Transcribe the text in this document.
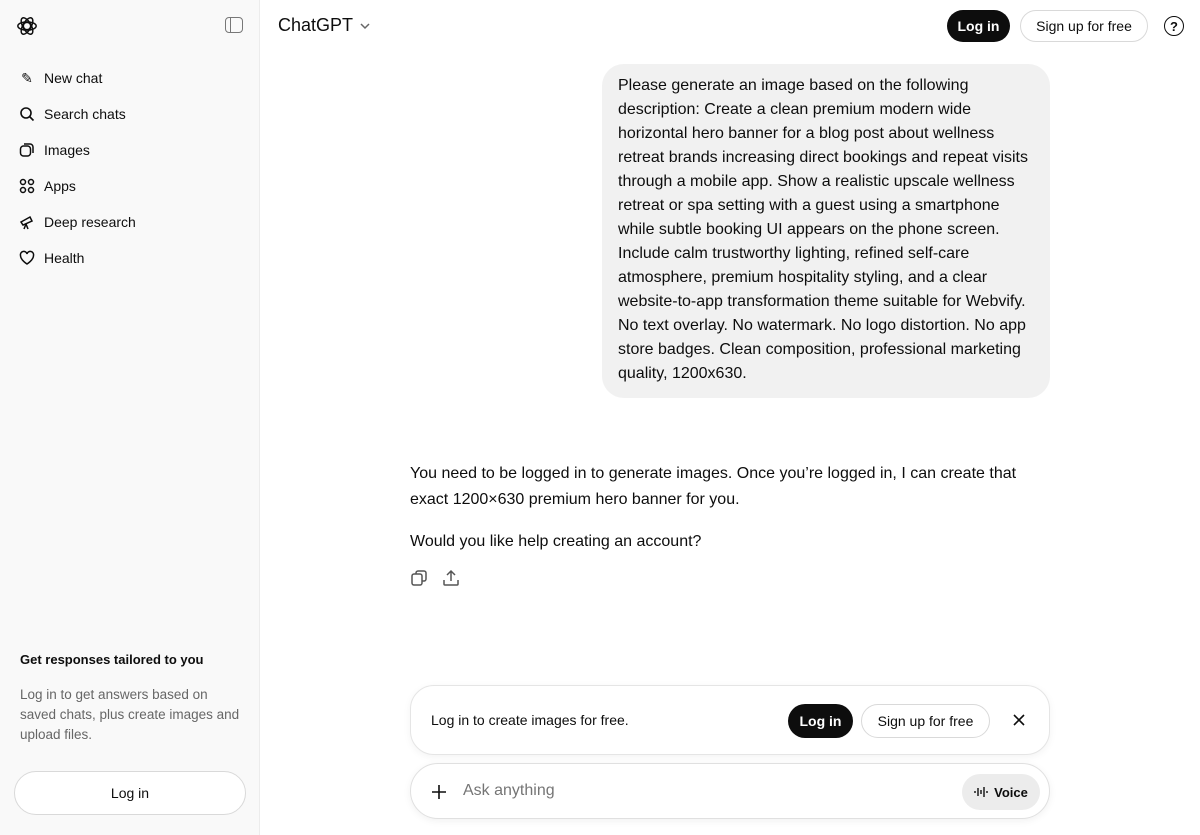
✎ New chat
Search chats
Images
Apps
Deep research
Health
Get responses tailored to you

Log in to get answers based on saved chats, plus create images and upload files.

Log in
ChatGPT	Log in	Sign up for free	?
Please generate an image based on the following description: Create a clean premium modern wide horizontal hero banner for a blog post about wellness retreat brands increasing direct bookings and repeat visits through a mobile app. Show a realistic upscale wellness retreat or spa setting with a guest using a smartphone while subtle booking UI appears on the phone screen. Include calm trustworthy lighting, refined self-care atmosphere, premium hospitality styling, and a clear website-to-app transformation theme suitable for Webvify. No text overlay. No watermark. No logo distortion. No app store badges. Clean composition, professional marketing quality, 1200x630.

You need to be logged in to generate images. Once you’re logged in, I can create that exact 1200×630 premium hero banner for you.

Would you like help creating an account?

Log in to create images for free.	Log in	Sign up for free
Ask anything
Voice
